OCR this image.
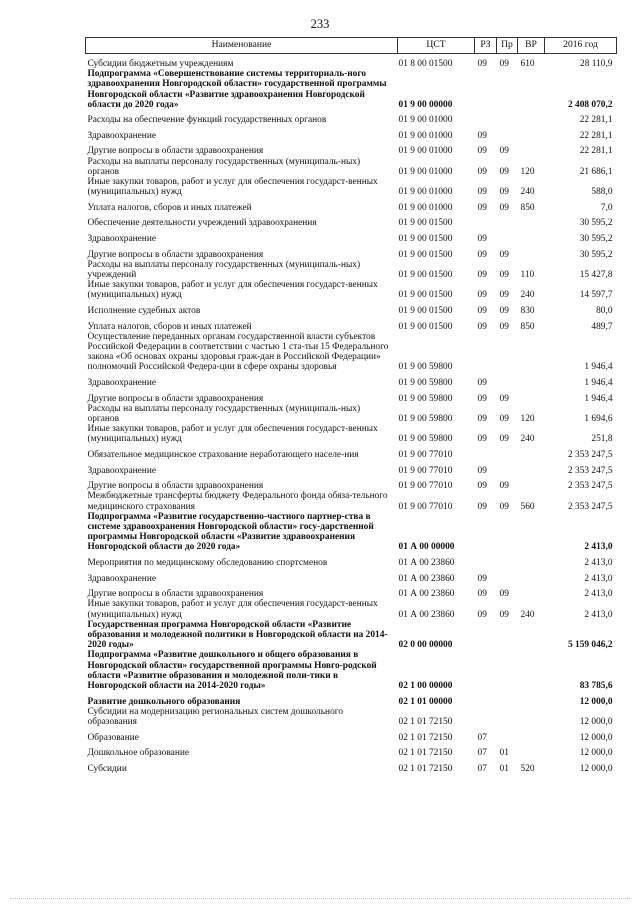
233
Наименование	ЦСТ	РЗ	Пр	ВР	2016 год
Субсидии бюджетным учреждениям	01 8 00 01500	09	09	610	28 110,9
Подпрограмма «Совершенствование системы территориаль-ного здравоохранения Новгородской области» государственной программы Новгородской области «Развитие здравоохранения Новгородской области до 2020 года»	01 9 00 00000				2 408 070,2
Расходы на обеспечение функций государственных органов	01 9 00 01000				22 281,1
Здравоохранение	01 9 00 01000	09			22 281,1
Другие вопросы в области здравоохранения	01 9 00 01000	09	09		22 281,1
Расходы на выплаты персоналу государственных (муниципаль-ных) органов	01 9 00 01000	09	09	120	21 686,1
Иные закупки товаров, работ и услуг для обеспечения государст-венных (муниципальных) нужд	01 9 00 01000	09	09	240	588,0
Уплата налогов, сборов и иных платежей	01 9 00 01000	09	09	850	7,0
Обеспечение деятельности учреждений здравоохранения	01 9 00 01500				30 595,2
Здравоохранение	01 9 00 01500	09			30 595,2
Другие вопросы в области здравоохранения	01 9 00 01500	09	09		30 595,2
Расходы на выплаты персоналу государственных (муниципаль-ных) учреждений	01 9 00 01500	09	09	110	15 427,8
Иные закупки товаров, работ и услуг для обеспечения государст-венных (муниципальных) нужд	01 9 00 01500	09	09	240	14 597,7
Исполнение судебных актов	01 9 00 01500	09	09	830	80,0
Уплата налогов, сборов и иных платежей	01 9 00 01500	09	09	850	489,7
Осуществление переданных органам государственной власти субъектов Российской Федерации в соответствии с частью 1 ста-тьи 15 Федерального закона «Об основах охраны здоровья граж-дан в Российской Федерации» полномочий Российской Федера-ции в сфере охраны здоровья	01 9 00 59800				1 946,4
Здравоохранение	01 9 00 59800	09			1 946,4
Другие вопросы в области здравоохранения	01 9 00 59800	09	09		1 946,4
Расходы на выплаты персоналу государственных (муниципаль-ных) органов	01 9 00 59800	09	09	120	1 694,6
Иные закупки товаров, работ и услуг для обеспечения государст-венных (муниципальных) нужд	01 9 00 59800	09	09	240	251,8
Обязательное медицинское страхование неработающего населе-ния	01 9 00 77010				2 353 247,5
Здравоохранение	01 9 00 77010	09			2 353 247,5
Другие вопросы в области здравоохранения	01 9 00 77010	09	09		2 353 247,5
Межбюджетные трансферты бюджету Федерального фонда обяза-тельного медицинского страхования	01 9 00 77010	09	09	560	2 353 247,5
Подпрограмма «Развитие государственно-частного партнер-ства в системе здравоохранения Новгородской области» госу-дарственной программы Новгородской области «Развитие здравоохранения Новгородской области до 2020 года»	01 А 00 00000				2 413,0
Мероприятия по медицинскому обследованию спортсменов	01 А 00 23860				2 413,0
Здравоохранение	01 А 00 23860	09			2 413,0
Другие вопросы в области здравоохранения	01 А 00 23860	09	09		2 413,0
Иные закупки товаров, работ и услуг для обеспечения государст-венных (муниципальных) нужд	01 А 00 23860	09	09	240	2 413,0
Государственная программа Новгородской области «Развитие образования и молодежной политики в Новгородской области на 2014-2020 годы»	02 0 00 00000				5 159 046,2
Подпрограмма «Развитие дошкольного и общего образования в Новгородской области» государственной программы Новго-родской области «Развитие образования и молодежной поли-тики в Новгородской области на 2014-2020 годы»	02 1 00 00000				83 785,6
Развитие дошкольного образования	02 1 01 00000				12 000,0
Субсидии на модернизацию региональных систем дошкольного образования	02 1 01 72150				12 000,0
Образование	02 1 01 72150	07			12 000,0
Дошкольное образование	02 1 01 72150	07	01		12 000,0
Субсидии	02 1 01 72150	07	01	520	12 000,0
